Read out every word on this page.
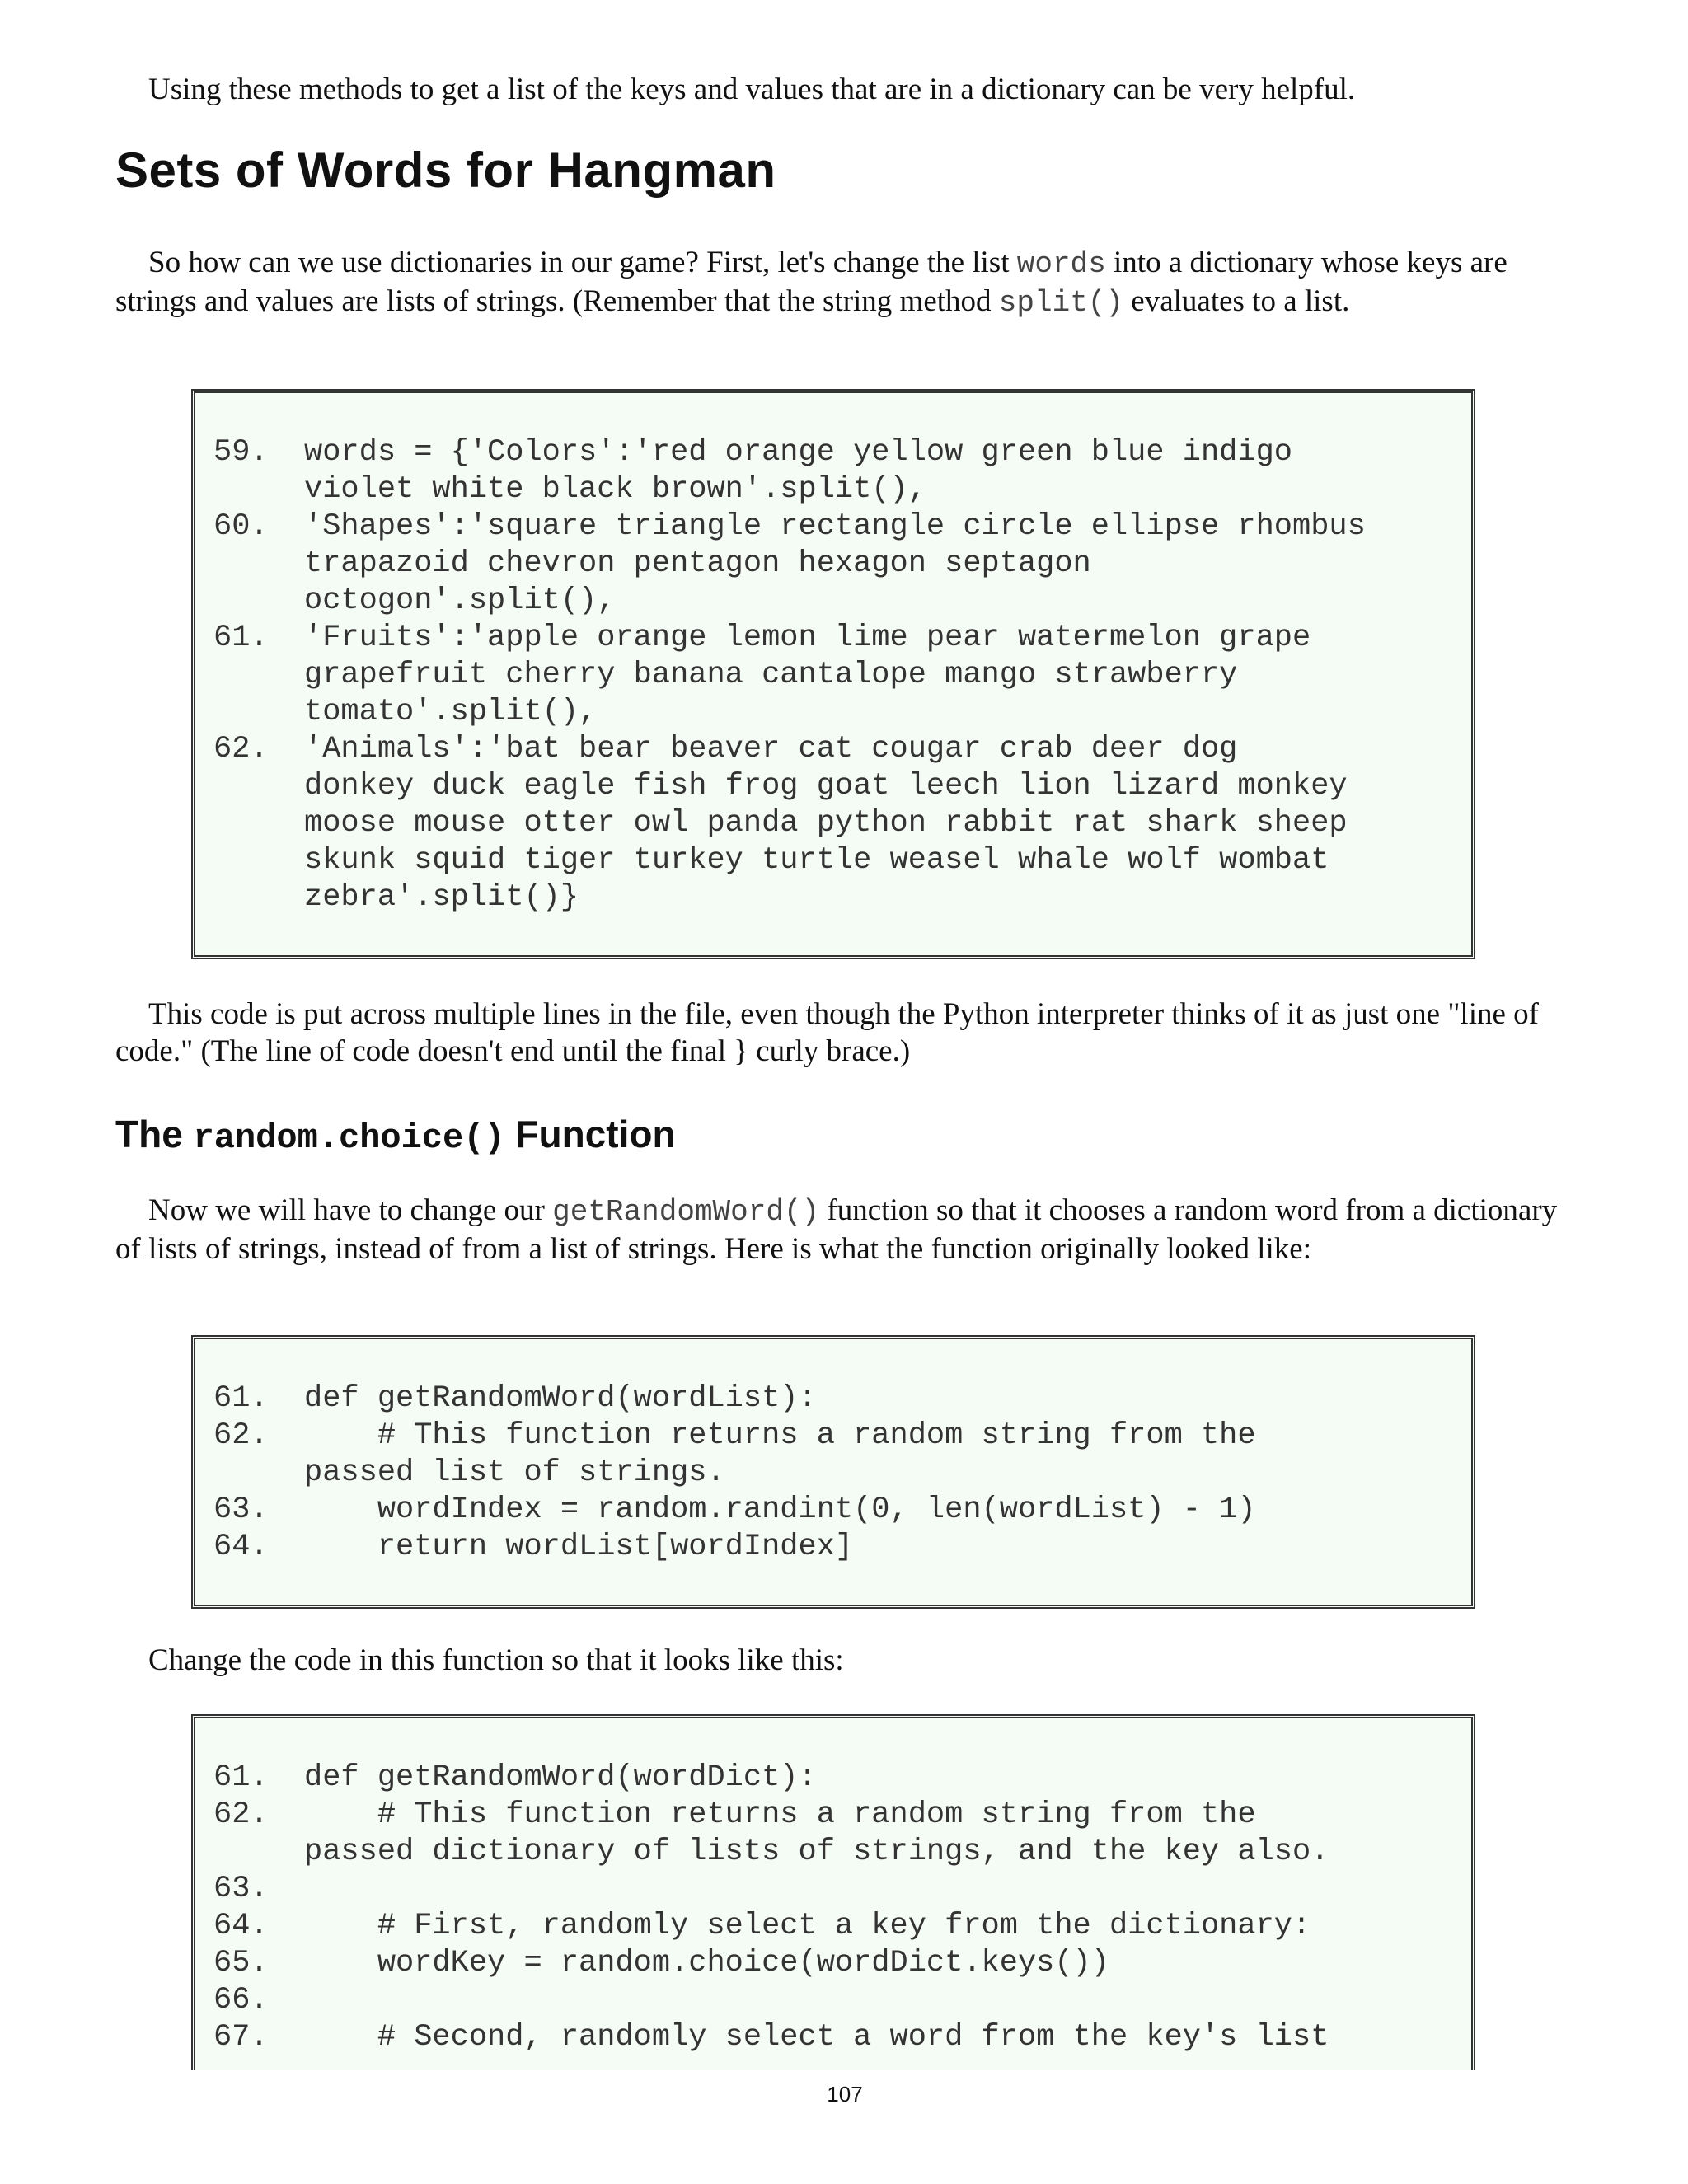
Using these methods to get a list of the keys and values that are in a dictionary can be very helpful.

Sets of Words for Hangman

So how can we use dictionaries in our game? First, let's change the list words into a dictionary whose keys are strings and values are lists of strings. (Remember that the string method split() evaluates to a list.

59. words = {'Colors':'red orange yellow green blue indigo
violet white black brown'.split(),
60. 'Shapes':'square triangle rectangle circle ellipse rhombus
trapazoid chevron pentagon hexagon septagon
octogon'.split(),
61. 'Fruits':'apple orange lemon lime pear watermelon grape
grapefruit cherry banana cantalope mango strawberry
tomato'.split(),
62. 'Animals':'bat bear beaver cat cougar crab deer dog
donkey duck eagle fish frog goat leech lion lizard monkey
moose mouse otter owl panda python rabbit rat shark sheep
skunk squid tiger turkey turtle weasel whale wolf wombat
zebra'.split()}

This code is put across multiple lines in the file, even though the Python interpreter thinks of it as just one "line of code." (The line of code doesn't end until the final } curly brace.)

The random.choice() Function

Now we will have to change our getRandomWord() function so that it chooses a random word from a dictionary of lists of strings, instead of from a list of strings. Here is what the function originally looked like:

61. def getRandomWord(wordList):
62.    # This function returns a random string from the
passed list of strings.
63.    wordIndex = random.randint(0, len(wordList) - 1)
64.    return wordList[wordIndex]

Change the code in this function so that it looks like this:

61. def getRandomWord(wordDict):
62.    # This function returns a random string from the
passed dictionary of lists of strings, and the key also.
63.
64.    # First, randomly select a key from the dictionary:
65.    wordKey = random.choice(wordDict.keys())
66.
67.    # Second, randomly select a word from the key's list
107
